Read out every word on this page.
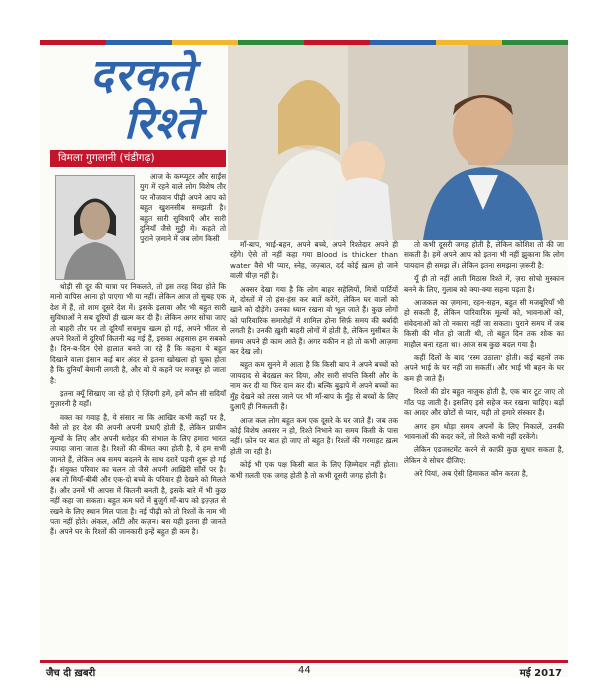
दरकते
रिश्ते
विमला गुगलानी (चंडीगढ़)

आज के कम्प्यूटर और साईंस युग में रहने वाले लोग विशेष तौर पर नौजवान पीढ़ी अपने आप को बहुत खुशनसीब समझती है। बहुत सारी सुविधाएँ और सारी दुनियाँ जैसे मुट्ठी में। कहते तो पुराने ज़माने में जब लोग किसी

थोड़ी सी दूर की यात्रा पर निकलते, तो इस तरह विदा होते कि मानो वापिस आना हो पाएगा भी या नहीं। लेकिन आज तो सुबह एक देश में हैं, तो शाम दूसरे देश में। इसके इलावा और भी बहुत सारी सुविधाओं ने सब दूरियों ही खत्म कर दी हैं। लेकिन अगर सोचा जाए तो बाहरी तौर पर तो दूरियाँ सचमुच खत्म हो गई, अपने भीतर से अपने रिश्तों में दूरियाँ कितनी बढ़ गई हैं, इसका अहसास हम सबको है। दिन-ब-दिन ऐसे हालात बनते जा रहे हैं कि कहना ये बहुत दिखाने वाला इंसान कई बार अंदर से इतना खोखला हो चुका होता है कि दुनियाँ बेमानी लगती है, और वो ये कहने पर मजबूर हो जाता है:

इतना क्यूँ सिखाए जा रहे हो ऐ ज़िंदगी हमें, हमें कौन सी सदियाँ गुज़ारनी है यहाँ।

वक्त का गवाह है, ये संसार ना कि आखिर कभी कहाँ पर है, वैसे तो हर देश की अपनी अपनी प्रथाएँ होती हैं, लेकिन प्राचीन मूल्यों के लिए और अपनी धरोहर की संभाल के लिए हमारा भारत ज्यादा जाना जाता है। रिश्तों की कीमत क्या होती है, ये हम सभी जानते हैं, लेकिन अब समय बदलने के साथ दरारें पड़नी शुरू हो गई हैं। संयुक्त परिवार का चलन तो जैसे अपनी आख़िरी साँसें पर है। अब तो मियाँ-बीबी और एक-दो बच्चे के परिवार ही देखने को मिलते हैं। और उनमें भी आपस में कितनी बनती है, इसके बारे में भी कुछ नहीं कहा जा सकता। बहुत कम घरों में बुज़ुर्ग माँ-बाप को इज़्ज़त से रखने के लिए स्थान मिल पाता है। नई पीढ़ी को तो रिश्तों के नाम भी पता नहीं होते। अंकल, आँटी और कज़न। बस यही इतना ही जानते हैं। अपने घर के रिश्तों की जानकारी इन्हें बहुत ही कम है।

माँ-बाप, भाई-बहन, अपने बच्चे, अपने रिश्तेदार अपने ही रहेंगे। ऐसे तो नहीं कहा गया Blood is thicker than water वैसे भी प्यार, स्नेह, जज़्बात, दर्द कोई ख़त्म हो जाने वाली चीज़ नहीं है।

अक्सर देखा गया है कि लोग बाहर सहेलियों, मित्रों पार्टियों में, दोस्तों में तो हंस-हंस कर बातें करेंगे, लेकिन घर वालों को खाने को दौड़ेंगे। उनका ध्यान रखना वो भूल जाते हैं। कुछ लोगों को पारिवारिक समारोहों में शामिल होना सिर्फ़ समय की बर्बादी लगती है। उनकी ख़ुशी बाहरी लोगों में होती है, लेकिन मुसीबत के समय अपने ही काम आते हैं। अगर यकीन न हो तो कभी आज़मा कर देख लो।

बहुत कम सुनने में आता है कि किसी बाप ने अपने बच्चों को जायदाद से बेदख़ल कर दिया, और सारी संपत्ति किसी और के नाम कर दी या फिर दान कर दी। बल्कि बुढ़ापे में अपने बच्चों का मुँह देखने को तरस जाने पर भी माँ-बाप के मुँह से बच्चों के लिए दुआएँ ही निकलती हैं।

आज कल लोग बहुत कम एक दूसरे के घर जाते हैं। जब तक कोई विशेष अवसर न हो, रिश्ते निभाने का समय किसी के पास नहीं। फ़ोन पर बात हो जाए तो बहुत है। रिश्तों की गरमाहट ख़त्म होती जा रही है।

कोई भी एक पक्ष किसी बात के लिए ज़िम्मेदार नहीं होता। कभी ग़लती एक जगह होती है तो कभी दूसरी जगह होती है।

तो कभी दूसरी जगह होती है, लेकिन कोशिश तो की जा सकती है। हमें अपने आप को इतना भी नहीं झुकाना कि लोग पायदान ही समझ लें। लेकिन इतना समझना ज़रूरी है:

यूँ ही तो नहीं आती मिठास रिश्ते में, ज़रा सोचो मुस्कान बनने के लिए, गुलाब को क्या-क्या सहना पड़ता है।

आजकल का ज़माना, रहन-सहन, बहुत सी मजबूरियाँ भी हो सकती हैं, लेकिन पारिवारिक मूल्यों को, भावनाओं को, संवेदनाओं को तो नकारा नहीं जा सकता। पुराने समय में जब किसी की मौत हो जाती थी, तो बहुत दिन तक शोक का माहौल बना रहता था। आज सब कुछ बदल गया है।

कहीं दिलों के बाद 'रस्म उठाला' होती। कई बहनों तक अपने भाई के घर नहीं जा सकतीं। और भाई भी बहन के घर कम ही जाते हैं।

रिश्तों की डोर बहुत नाज़ुक होती है, एक बार टूट जाए तो गाँठ पड़ जाती है। इसलिए इसे सहेज कर रखना चाहिए। बड़ों का आदर और छोटों से प्यार, यही तो हमारे संस्कार हैं।

अगर हम थोड़ा समय अपनों के लिए निकालें, उनकी भावनाओं की कदर करें, तो रिश्ते कभी नहीं दरकेंगे।

लेकिन एडजस्टमेंट करने से काफ़ी कुछ सुधार सकता है, लेकिन ये सोचर दीजिए:

अरे पियां, अब ऐसी हिमाकत कौन करता है,

जैच दी ख़बरी	44	मई 2017
